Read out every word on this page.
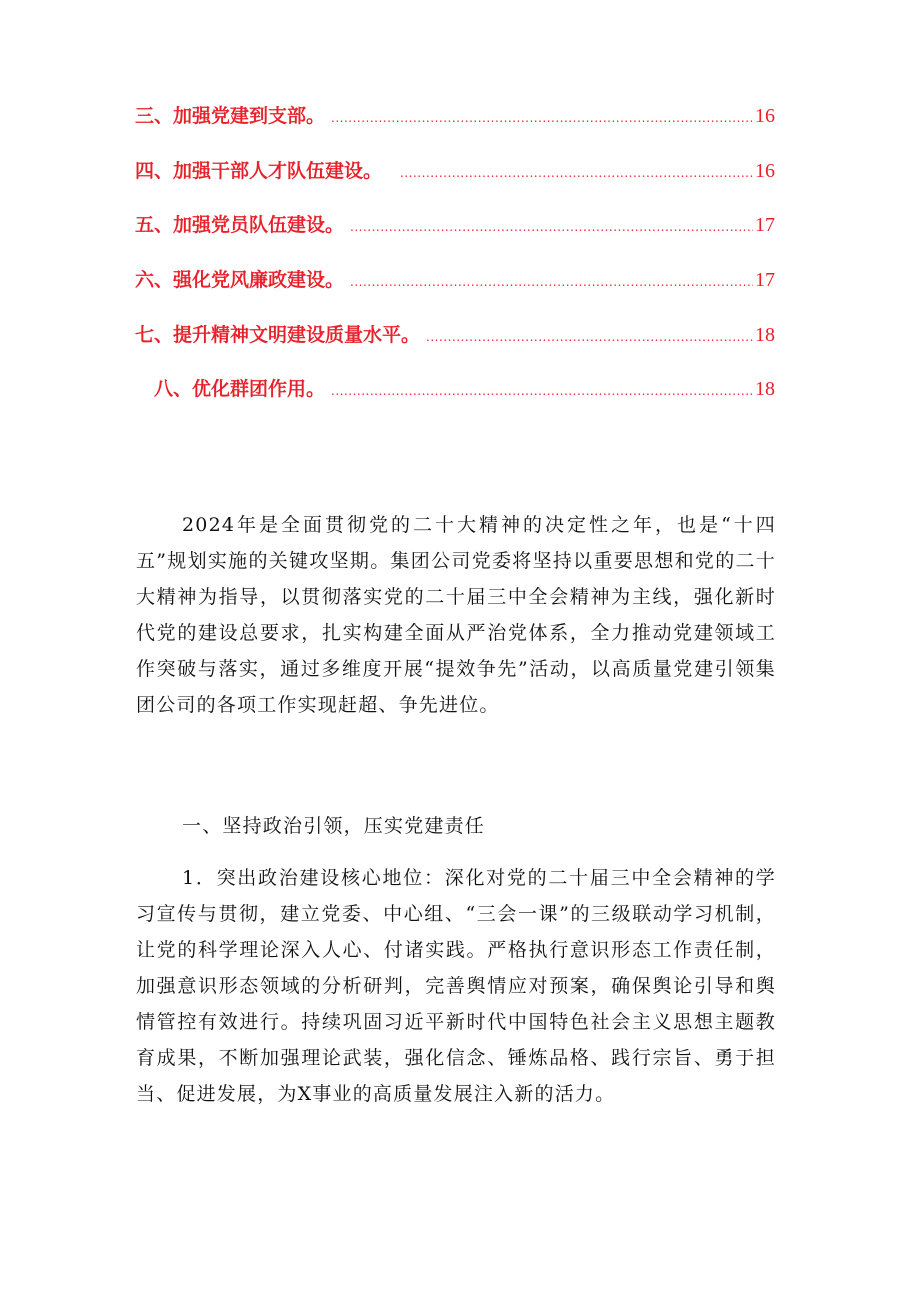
三、加强党建到支部。 .....	16
四、加强干部人才队伍建设。 .....	16
五、加强党员队伍建设。 .....	17
六、强化党风廉政建设。 .....	17
七、提升精神文明建设质量水平。 .....	18
八、优化群团作用。 .....	18

2024年是全面贯彻党的二十大精神的决定性之年，也是“十四五”规划实施的关键攻坚期。集团公司党委将坚持以重要思想和党的二十大精神为指导，以贯彻落实党的二十届三中全会精神为主线，强化新时代党的建设总要求，扎实构建全面从严治党体系，全力推动党建领域工作突破与落实，通过多维度开展“提效争先”活动，以高质量党建引领集团公司的各项工作实现赶超、争先进位。

一、坚持政治引领，压实党建责任

1．突出政治建设核心地位：深化对党的二十届三中全会精神的学习宣传与贯彻，建立党委、中心组、“三会一课”的三级联动学习机制，让党的科学理论深入人心、付诸实践。严格执行意识形态工作责任制，加强意识形态领域的分析研判，完善舆情应对预案，确保舆论引导和舆情管控有效进行。持续巩固习近平新时代中国特色社会主义思想主题教育成果，不断加强理论武装，强化信念、锤炼品格、践行宗旨、勇于担当、促进发展，为X事业的高质量发展注入新的活力。
